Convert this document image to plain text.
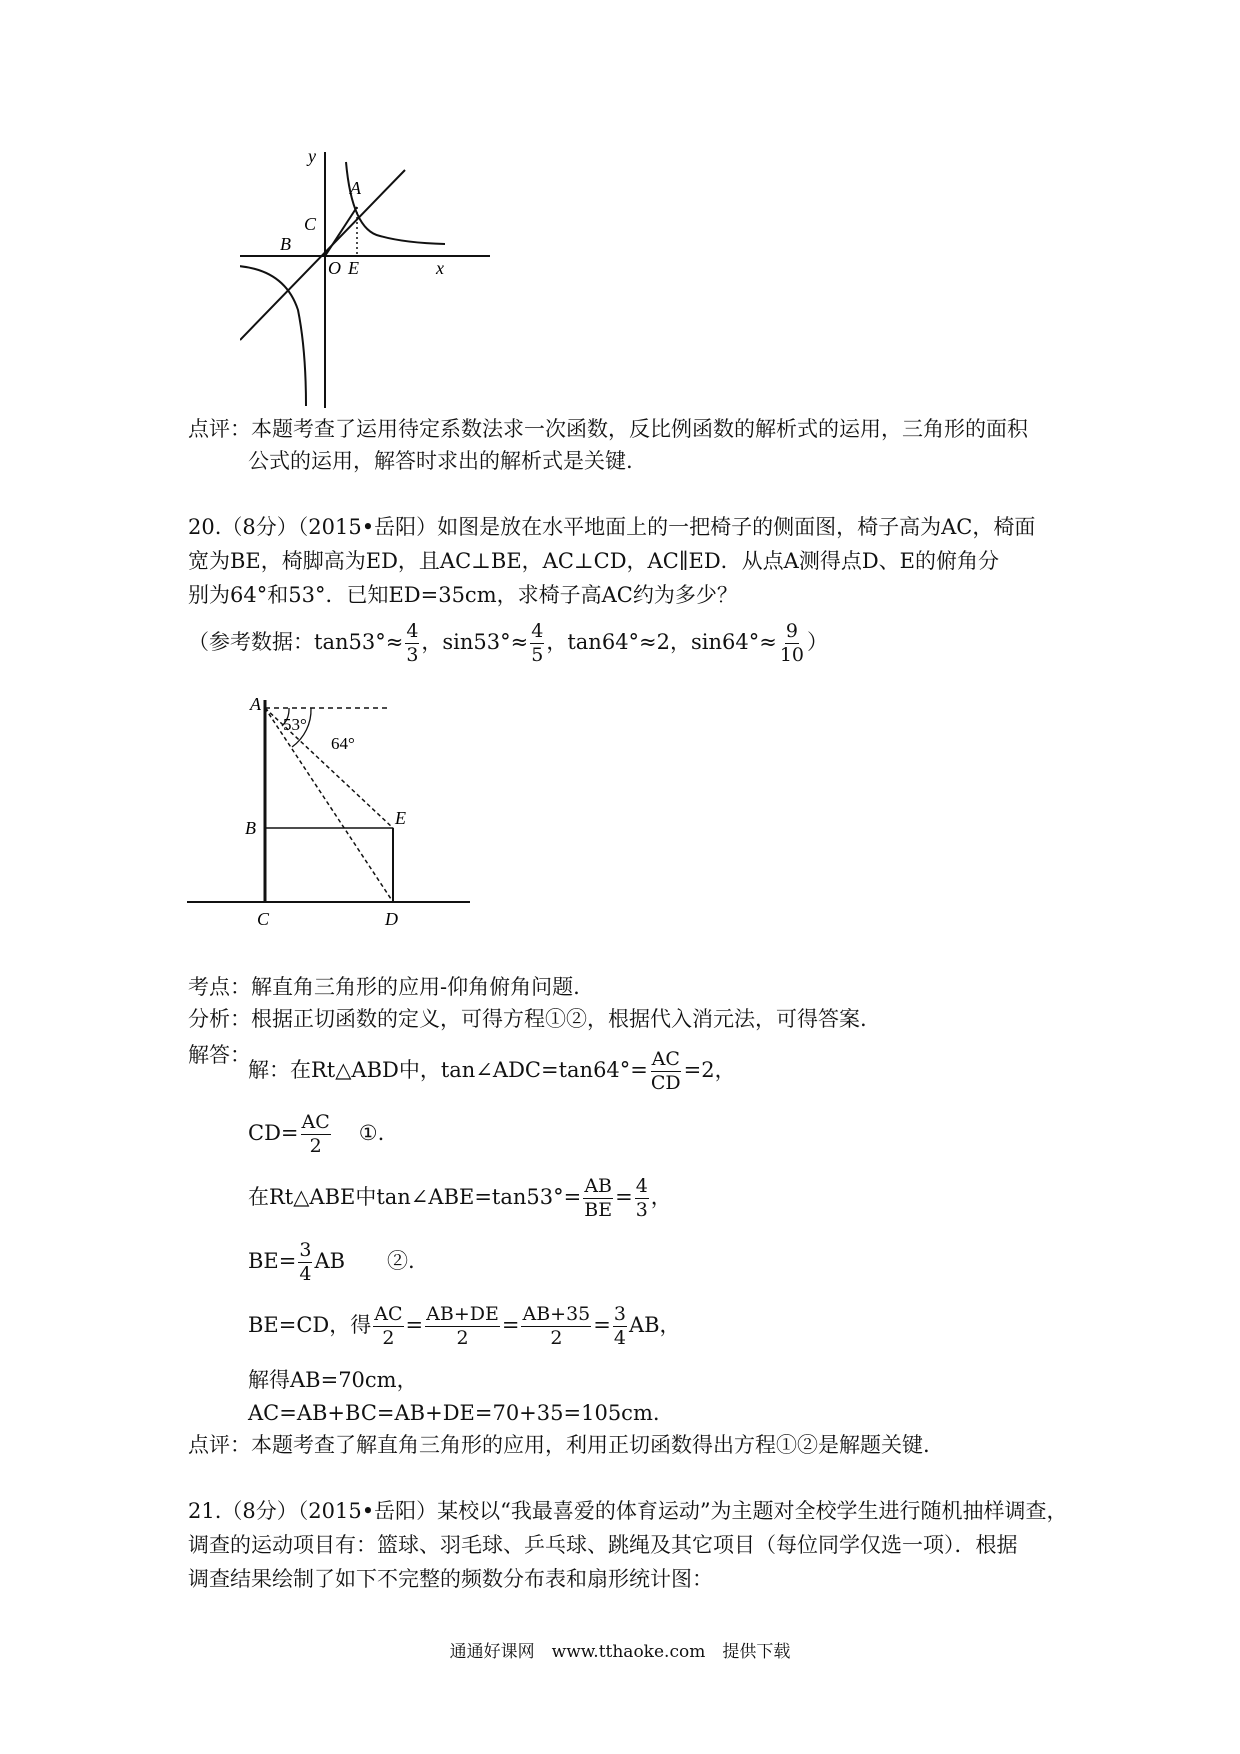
y
x
A
C
B
O E
点评：本题考查了运用待定系数法求一次函数，反比例函数的解析式的运用，三角形的面积
公式的运用，解答时求出的解析式是关键.
20.（8分）（2015•岳阳）如图是放在水平地面上的一把椅子的侧面图，椅子高为AC，椅面
宽为BE，椅脚高为ED，且AC⊥BE，AC⊥CD，AC∥ED．从点A测得点D、E的俯角分
别为64°和53°．已知ED=35cm，求椅子高AC约为多少？
（参考数据：$\tan 53^\circ\approx \frac{4}{3}$ ，$\sin 53^\circ\approx \frac{4}{5}$ ，tan64°≈2，$\sin 64^\circ\approx \frac{9}{10}$ ）
53°
64°
A
B	E
C	D
考点：解直角三角形的应用-仰角俯角问题.
分析：根据正切函数的定义，可得方程①②，根据代入消元法，可得答案.
解答：
解：在Rt△ABD中，tan∠ADC=tan64°= $\frac{AC}{CD} =2$，
$CD= \frac{AC}{2}$ ①.
在Rt△ABE中tan∠ABE=tan53°= $\frac{AB}{BE} = \frac{4}{3}$ ，
$BE= \frac{3}{4}$ AB　　②.
BE=CD，得 $\frac{AC}{2} = \frac{AB+DE}{2} = \frac{AB+35}{2} = \frac{3}{4}$ AB，
解得AB=70cm，
AC=AB+BC=AB+DE=70+35=105cm.
点评：本题考查了解直角三角形的应用，利用正切函数得出方程①②是解题关键.
21.（8分）（2015•岳阳）某校以“我最喜爱的体育运动”为主题对全校学生进行随机抽样调查，
调查的运动项目有：篮球、羽毛球、乒乓球、跳绳及其它项目（每位同学仅选一项）．根据
调查结果绘制了如下不完整的频数分布表和扇形统计图：
通通好课网　www.tthaoke.com　提供下载
